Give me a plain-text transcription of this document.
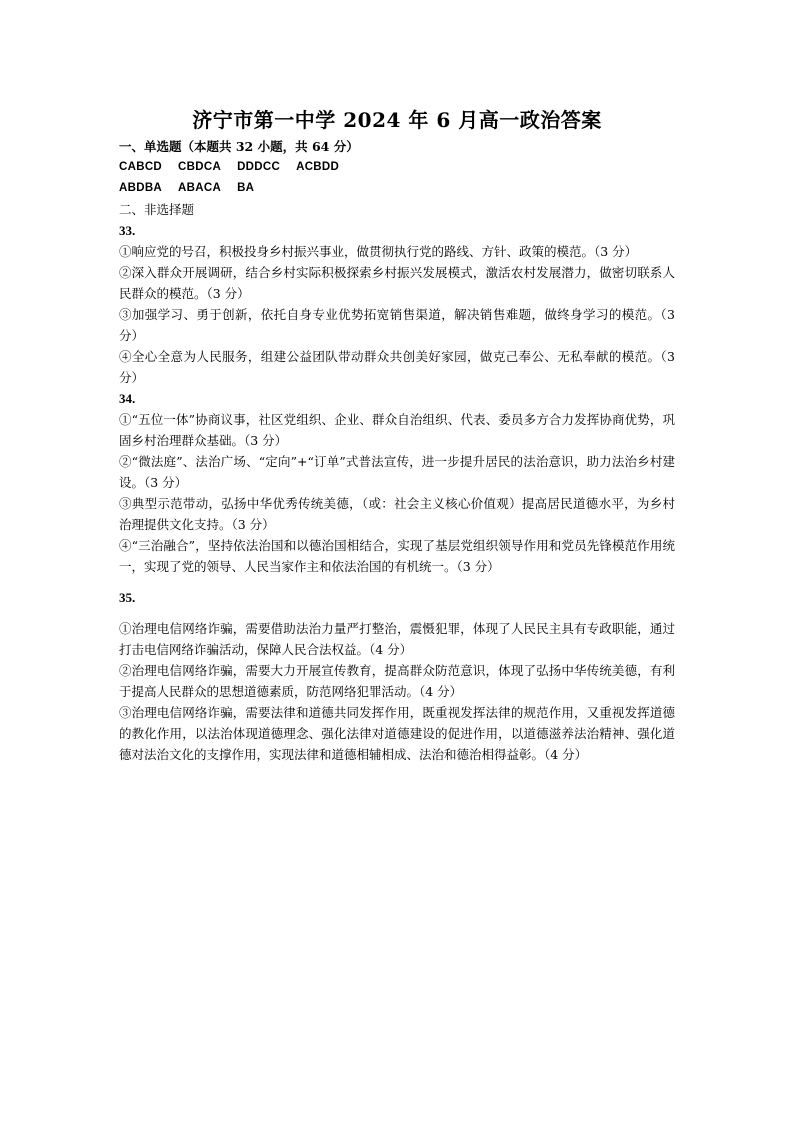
济宁市第一中学 2024 年 6 月高一政治答案
一、单选题（本题共 32 小题，共 64 分）
CABCD CBDCA DDDCC ACBDD
ABDBA ABACA BA
二、非选择题
33.
①响应党的号召，积极投身乡村振兴事业，做贯彻执行党的路线、方针、政策的模范。（3 分）
②深入群众开展调研，结合乡村实际积极探索乡村振兴发展模式，激活农村发展潜力，做密切联系人民群众的模范。（3 分）
③加强学习、勇于创新，依托自身专业优势拓宽销售渠道，解决销售难题，做终身学习的模范。（3 分）
④全心全意为人民服务，组建公益团队带动群众共创美好家园，做克己奉公、无私奉献的模范。（3 分）
34.
①“五位一体”协商议事，社区党组织、企业、群众自治组织、代表、委员多方合力发挥协商优势，巩固乡村治理群众基础。（3 分）
②“微法庭”、法治广场、“定向”+“订单”式普法宣传，进一步提升居民的法治意识，助力法治乡村建设。（3 分）
③典型示范带动，弘扬中华优秀传统美德，（或：社会主义核心价值观）提高居民道德水平，为乡村治理提供文化支持。（3 分）
④“三治融合”，坚持依法治国和以德治国相结合，实现了基层党组织领导作用和党员先锋模范作用统一，实现了党的领导、人民当家作主和依法治国的有机统一。（3 分）
35.
①治理电信网络诈骗，需要借助法治力量严打整治，震慑犯罪，体现了人民民主具有专政职能，通过打击电信网络诈骗活动，保障人民合法权益。（4 分）
②治理电信网络诈骗，需要大力开展宣传教育，提高群众防范意识，体现了弘扬中华传统美德，有利于提高人民群众的思想道德素质，防范网络犯罪活动。（4 分）
③治理电信网络诈骗，需要法律和道德共同发挥作用，既重视发挥法律的规范作用，又重视发挥道德的教化作用，以法治体现道德理念、强化法律对道德建设的促进作用，以道德滋养法治精神、强化道德对法治文化的支撑作用，实现法律和道德相辅相成、法治和德治相得益彰。（4 分）
